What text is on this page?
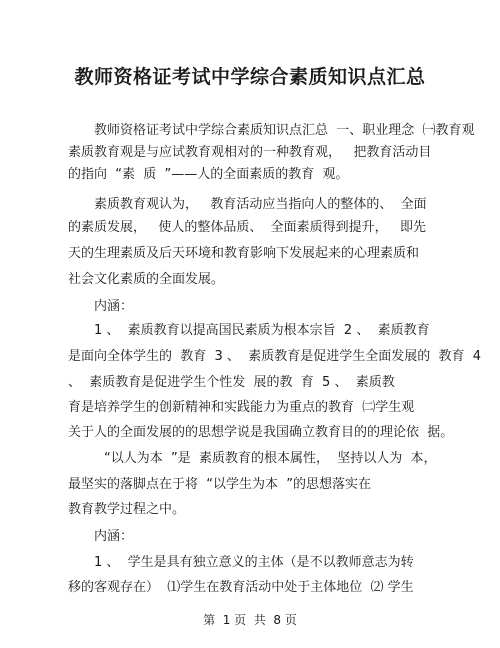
教师资格证考试中学综合素质知识点汇总
教师资格证考试中学综合素质知识点汇总  一、职业理念  ㈠教育观
素质教育观是与应试教育观相对的一种教育观，   把教育活动目
的指向  “素  质  ”——人的全面素质的教育  观。
素质教育观认为，   教育活动应当指向人的整体的、  全面
的素质发展，   使人的整体品质、  全面素质得到提升，   即先
天的生理素质及后天环境和教育影响下发展起来的心理素质和
社会文化素质的全面发展。
内涵：
1 、  素质教育以提高国民素质为根本宗旨  2 、  素质教育
是面向全体学生的  教育  3 、  素质教育是促进学生全面发展的  教育  4
、  素质教育是促进学生个性发  展的教  育  5 、  素质教
育是培养学生的创新精神和实践能力为重点的教育  ㈡学生观
关于人的全面发展的的思想学说是我国确立教育目的的理论依  据。
“以人为本  ”是  素质教育的根本属性，  坚持以人为  本，
最坚实的落脚点在于将  “以学生为本  ”的思想落实在
教育教学过程之中。
内涵：
1 、  学生是具有独立意义的主体（是不以教师意志为转
移的客观存在）  ⑴学生在教育活动中处于主体地位  ⑵ 学生
第  1 页  共  8 页
